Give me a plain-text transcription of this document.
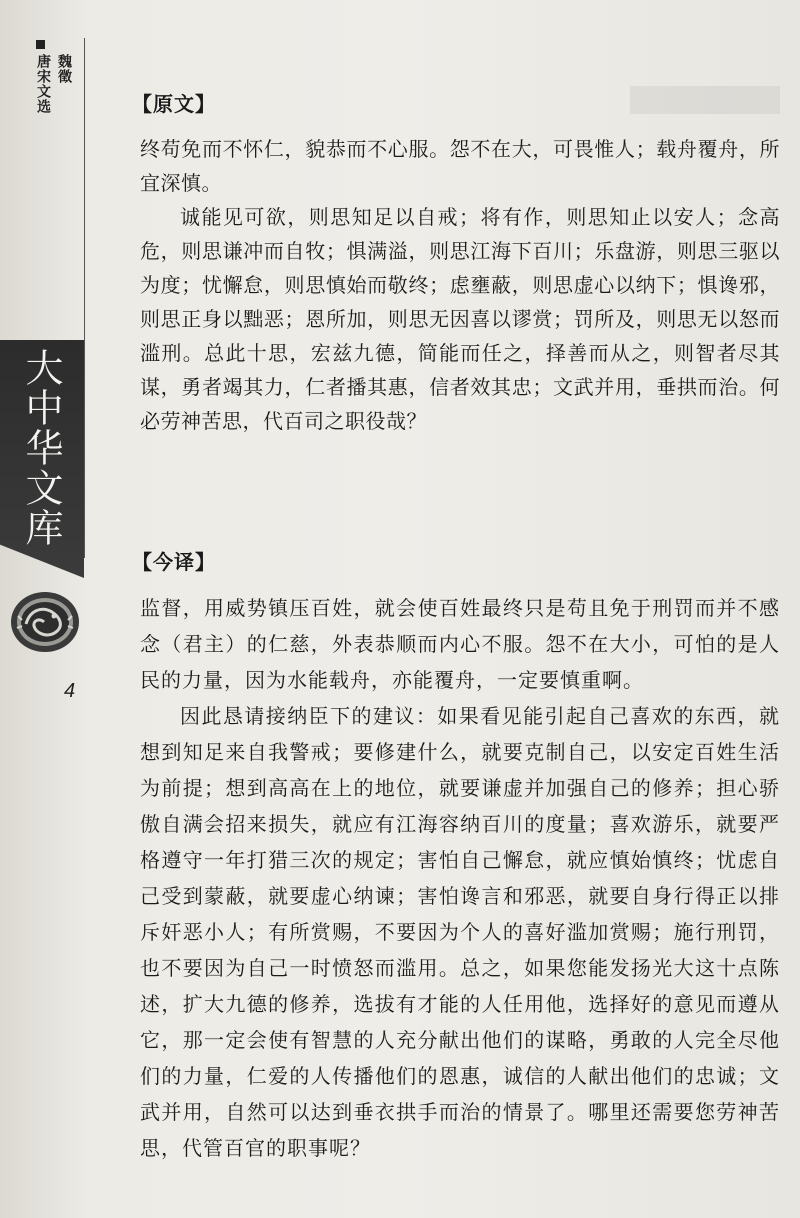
魏徵
唐宋文选
大中华文库
4
【原文】

终苟免而不怀仁，貌恭而不心服。怨不在大，可畏惟人；载舟覆舟，所宜深慎。

诚能见可欲，则思知足以自戒；将有作，则思知止以安人；念高危，则思谦冲而自牧；惧满溢，则思江海下百川；乐盘游，则思三驱以为度；忧懈怠，则思慎始而敬终；虑壅蔽，则思虚心以纳下；惧谗邪，则思正身以黜恶；恩所加，则思无因喜以谬赏；罚所及，则思无以怒而滥刑。总此十思，宏兹九德，简能而任之，择善而从之，则智者尽其谋，勇者竭其力，仁者播其惠，信者效其忠；文武并用，垂拱而治。何必劳神苦思，代百司之职役哉？

【今译】

监督，用威势镇压百姓，就会使百姓最终只是苟且免于刑罚而并不感念（君主）的仁慈，外表恭顺而内心不服。怨不在大小，可怕的是人民的力量，因为水能载舟，亦能覆舟，一定要慎重啊。

因此恳请接纳臣下的建议：如果看见能引起自己喜欢的东西，就想到知足来自我警戒；要修建什么，就要克制自己，以安定百姓生活为前提；想到高高在上的地位，就要谦虚并加强自己的修养；担心骄傲自满会招来损失，就应有江海容纳百川的度量；喜欢游乐，就要严格遵守一年打猎三次的规定；害怕自己懈怠，就应慎始慎终；忧虑自己受到蒙蔽，就要虚心纳谏；害怕谗言和邪恶，就要自身行得正以排斥奸恶小人；有所赏赐，不要因为个人的喜好滥加赏赐；施行刑罚，也不要因为自己一时愤怒而滥用。总之，如果您能发扬光大这十点陈述，扩大九德的修养，选拔有才能的人任用他，选择好的意见而遵从它，那一定会使有智慧的人充分献出他们的谋略，勇敢的人完全尽他们的力量，仁爱的人传播他们的恩惠，诚信的人献出他们的忠诚；文武并用，自然可以达到垂衣拱手而治的情景了。哪里还需要您劳神苦思，代管百官的职事呢？
